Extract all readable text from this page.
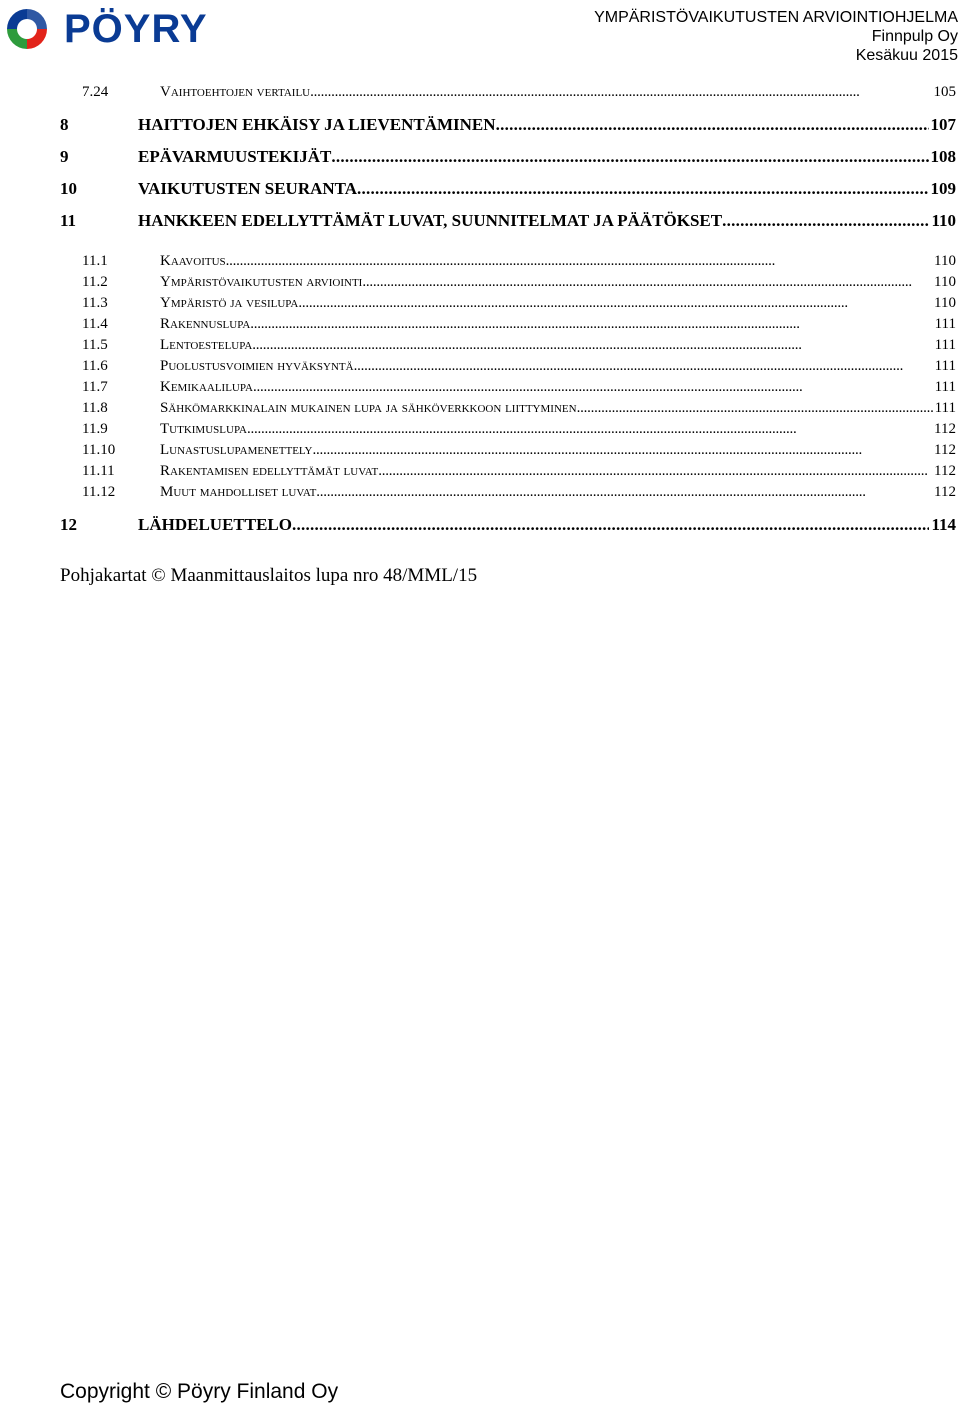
PÖYRY	YMPÄRISTÖVAIKUTUSTEN ARVIOINTIOHJELMA
Finnpulp Oy
Kesäkuu 2015
7.24	Vaihtoehtojen vertailu . . .	105
8	HAITTOJEN EHKÄISY JA LIEVENTÄMINEN . . .	107
9	EPÄVARMUUSTEKIJÄT . . .	108
10	VAIKUTUSTEN SEURANTA . . .	109
11	HANKKEEN EDELLYTTÄMÄT LUVAT, SUUNNITELMAT JA PÄÄTÖKSET . . .	110
11.1	Kaavoitus . . .	110
11.2	Ympäristövaikutusten arviointi . . .	110
11.3	Ympäristö ja vesilupa . . .	110
11.4	Rakennuslupa . . .	111
11.5	Lentoestelupa . . .	111
11.6	Puolustusvoimien hyväksyntä . . .	111
11.7	Kemikaalilupa . . .	111
11.8	Sähkömarkkinalain mukainen lupa ja sähköverkkoon liittyminen . . .	111
11.9	Tutkimuslupa . . .	112
11.10	Lunastuslupamenettely . . .	112
11.11	Rakentamisen edellyttämät luvat . . .	112
11.12	Muut mahdolliset luvat . . .	112
12	LÄHDELUETTELO . . .	114
Pohjakartat © Maanmittauslaitos lupa nro 48/MML/15
Copyright © Pöyry Finland Oy
